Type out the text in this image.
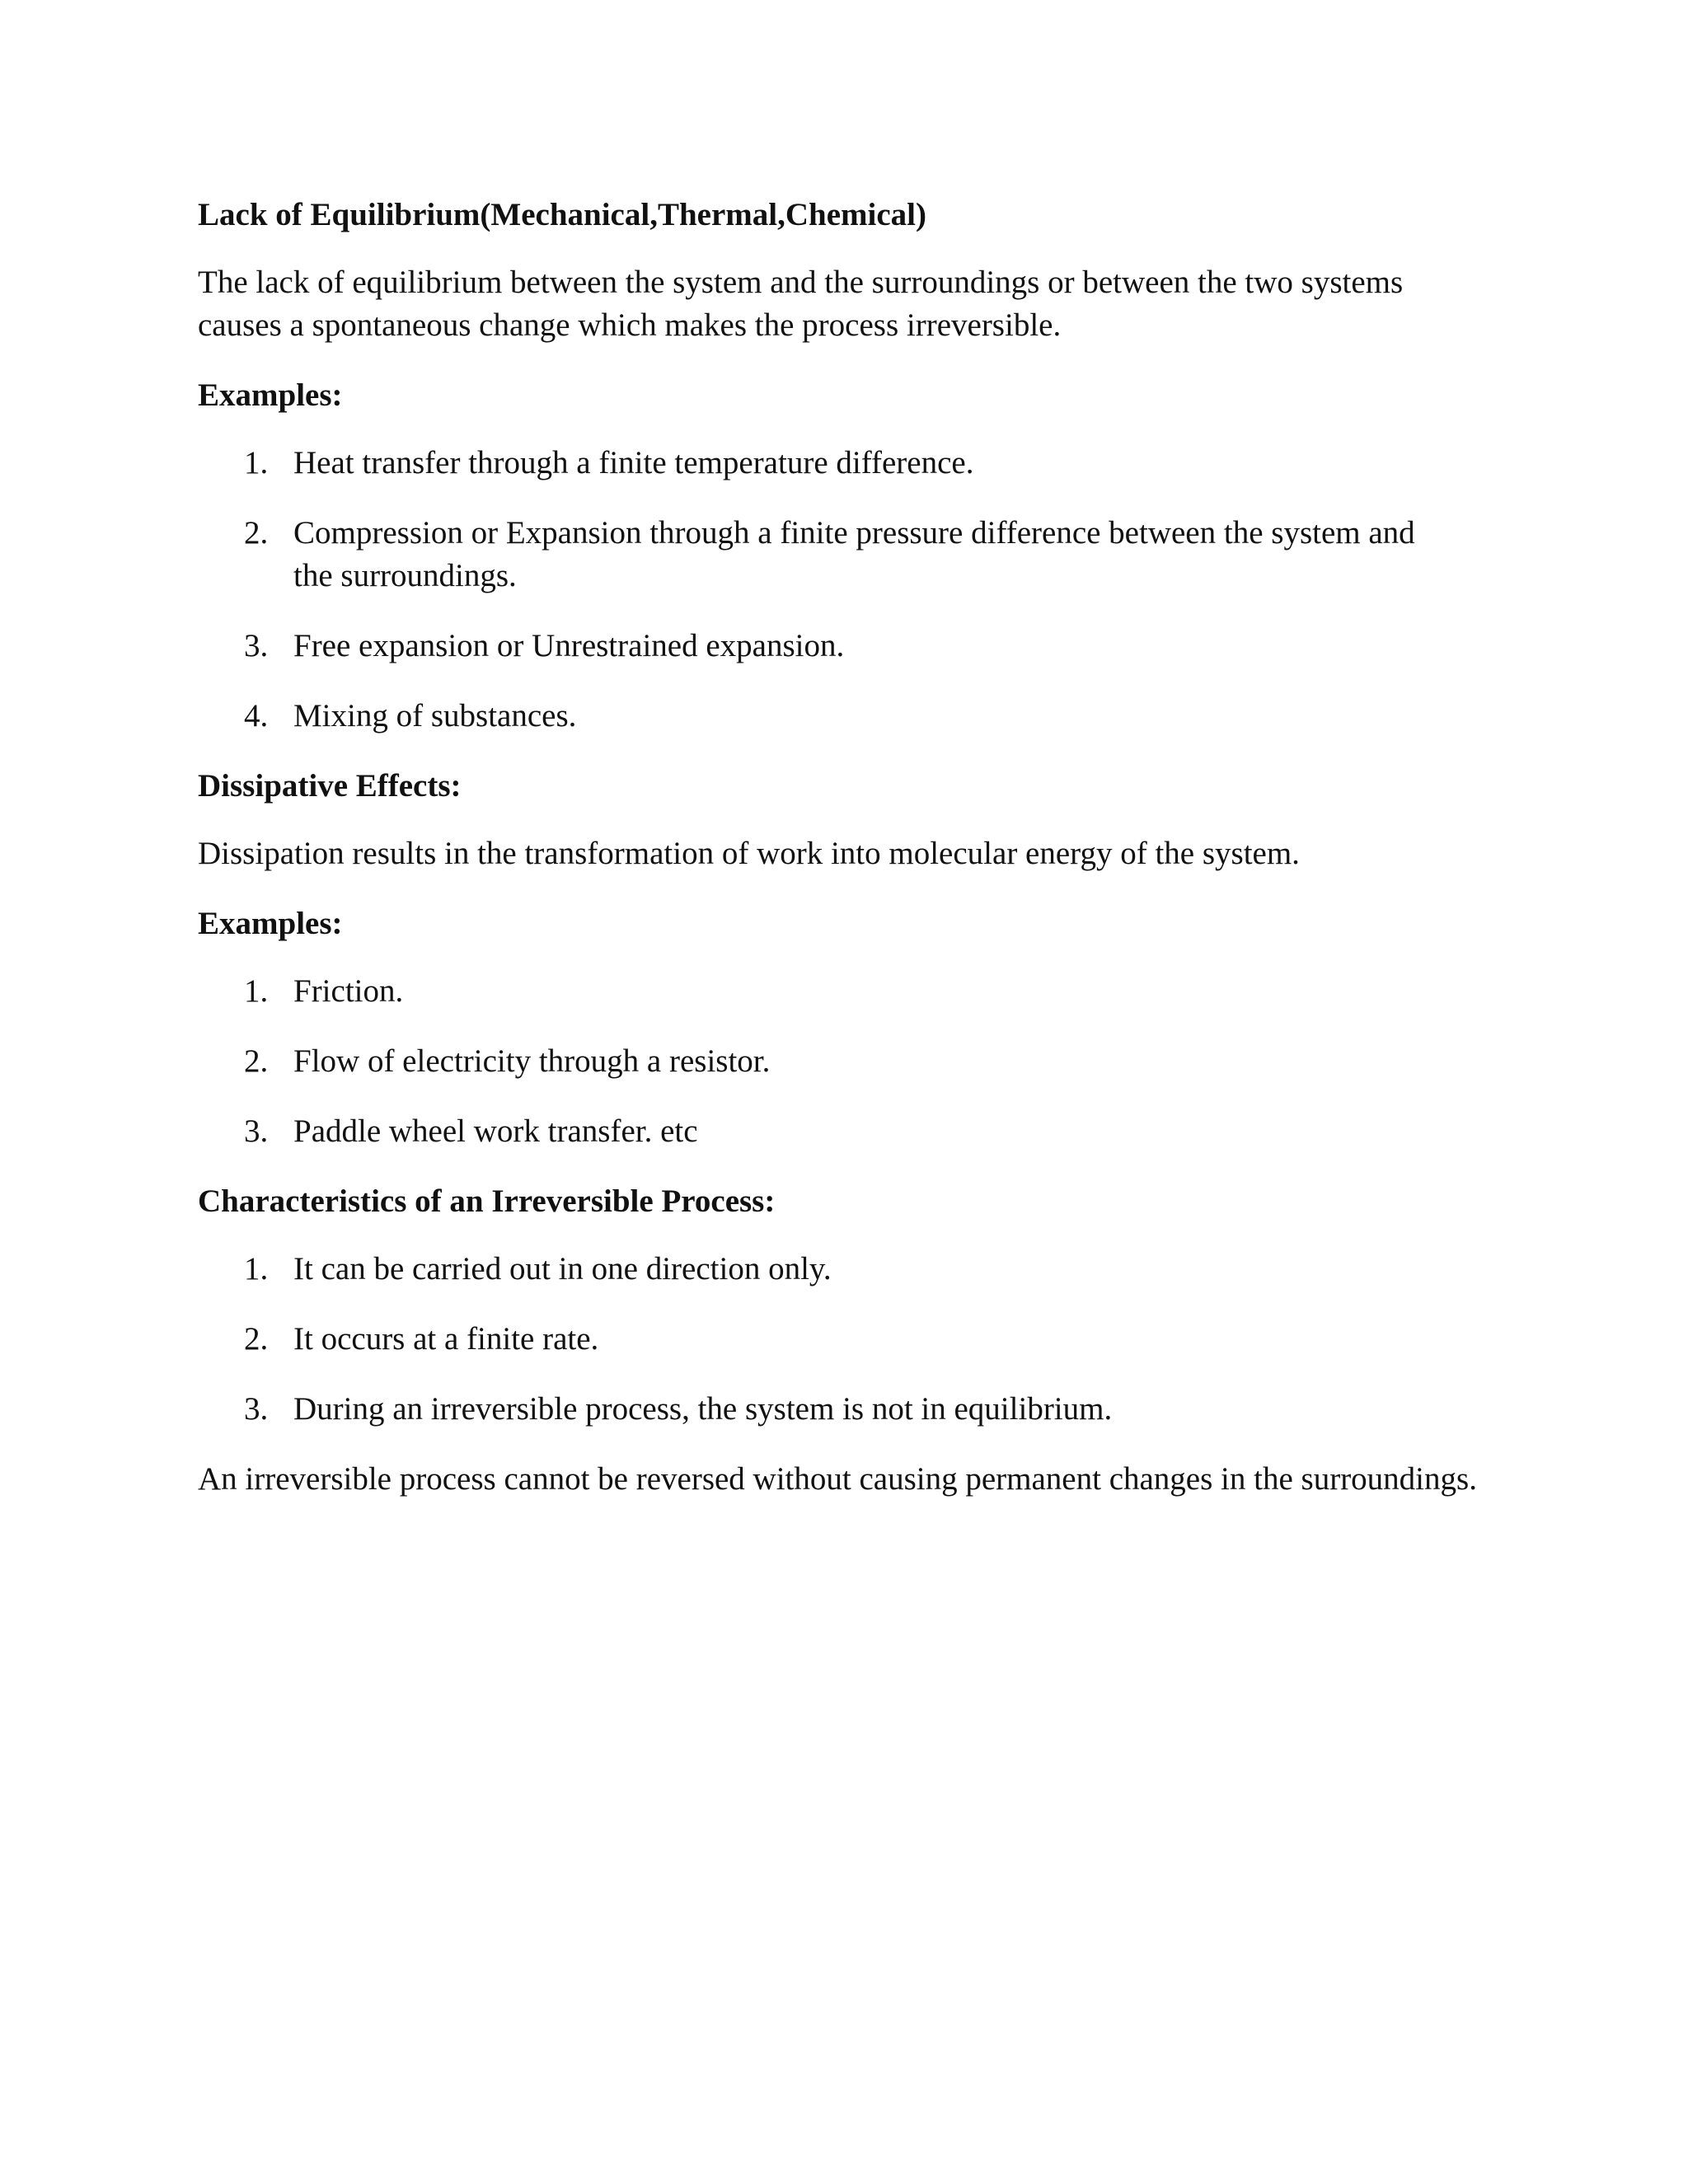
Lack of Equilibrium(Mechanical,Thermal,Chemical)
The lack of equilibrium between the system and the surroundings or between the two systems causes a spontaneous change which makes the process irreversible.
Examples:
1. Heat transfer through a finite temperature difference.
2. Compression or Expansion through a finite pressure difference between the system and the surroundings.
3. Free expansion or Unrestrained expansion.
4. Mixing of substances.
Dissipative Effects:
Dissipation results in the transformation of work into molecular energy of the system.
Examples:
1. Friction.
2. Flow of electricity through a resistor.
3. Paddle wheel work transfer. etc
Characteristics of an Irreversible Process:
1. It can be carried out in one direction only.
2. It occurs at a finite rate.
3. During an irreversible process, the system is not in equilibrium.
An irreversible process cannot be reversed without causing permanent changes in the surroundings.
